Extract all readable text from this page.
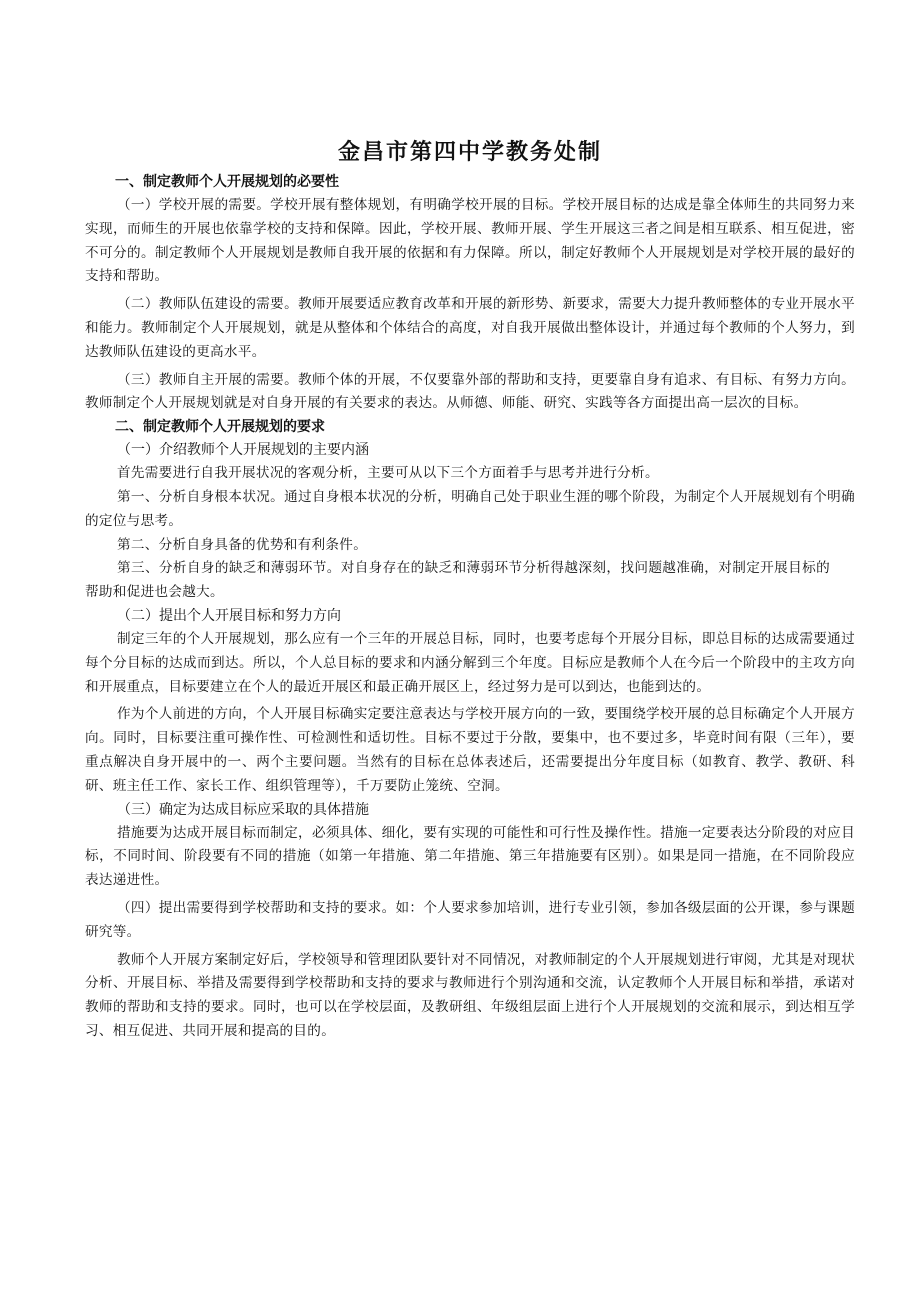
金昌市第四中学教务处制
一、制定教师个人开展规划的必要性

（一）学校开展的需要。学校开展有整体规划，有明确学校开展的目标。学校开展目标的达成是靠全体师生的共同努力来实现，而师生的开展也依靠学校的支持和保障。因此，学校开展、教师开展、学生开展这三者之间是相互联系、相互促进，密不可分的。制定教师个人开展规划是教师自我开展的依据和有力保障。所以，制定好教师个人开展规划是对学校开展的最好的支持和帮助。

（二）教师队伍建设的需要。教师开展要适应教育改革和开展的新形势、新要求，需要大力提升教师整体的专业开展水平和能力。教师制定个人开展规划，就是从整体和个体结合的高度，对自我开展做出整体设计，并通过每个教师的个人努力，到达教师队伍建设的更高水平。

（三）教师自主开展的需要。教师个体的开展，不仅要靠外部的帮助和支持，更要靠自身有追求、有目标、有努力方向。教师制定个人开展规划就是对自身开展的有关要求的表达。从师德、师能、研究、实践等各方面提出高一层次的目标。

二、制定教师个人开展规划的要求

（一）介绍教师个人开展规划的主要内涵

首先需要进行自我开展状况的客观分析，主要可从以下三个方面着手与思考并进行分析。

第一、分析自身根本状况。通过自身根本状况的分析，明确自己处于职业生涯的哪个阶段，为制定个人开展规划有个明确的定位与思考。

第二、分析自身具备的优势和有利条件。

第三、分析自身的缺乏和薄弱环节。对自身存在的缺乏和薄弱环节分析得越深刻，找问题越准确，对制定开展目标的帮助和促进也会越大。

（二）提出个人开展目标和努力方向

制定三年的个人开展规划，那么应有一个三年的开展总目标，同时，也要考虑每个开展分目标，即总目标的达成需要通过每个分目标的达成而到达。所以，个人总目标的要求和内涵分解到三个年度。目标应是教师个人在今后一个阶段中的主攻方向和开展重点，目标要建立在个人的最近开展区和最正确开展区上，经过努力是可以到达，也能到达的。

作为个人前进的方向，个人开展目标确实定要注意表达与学校开展方向的一致，要围绕学校开展的总目标确定个人开展方向。同时，目标要注重可操作性、可检测性和适切性。目标不要过于分散，要集中，也不要过多，毕竟时间有限（三年），要重点解决自身开展中的一、两个主要问题。当然有的目标在总体表述后，还需要提出分年度目标（如教育、教学、教研、科研、班主任工作、家长工作、组织管理等），千万要防止笼统、空洞。

（三）确定为达成目标应采取的具体措施

措施要为达成开展目标而制定，必须具体、细化，要有实现的可能性和可行性及操作性。措施一定要表达分阶段的对应目标，不同时间、阶段要有不同的措施（如第一年措施、第二年措施、第三年措施要有区别）。如果是同一措施，在不同阶段应表达递进性。

（四）提出需要得到学校帮助和支持的要求。如：个人要求参加培训，进行专业引领，参加各级层面的公开课，参与课题研究等。

教师个人开展方案制定好后，学校领导和管理团队要针对不同情况，对教师制定的个人开展规划进行审阅，尤其是对现状分析、开展目标、举措及需要得到学校帮助和支持的要求与教师进行个别沟通和交流，认定教师个人开展目标和举措，承诺对教师的帮助和支持的要求。同时，也可以在学校层面，及教研组、年级组层面上进行个人开展规划的交流和展示，到达相互学习、相互促进、共同开展和提高的目的。
